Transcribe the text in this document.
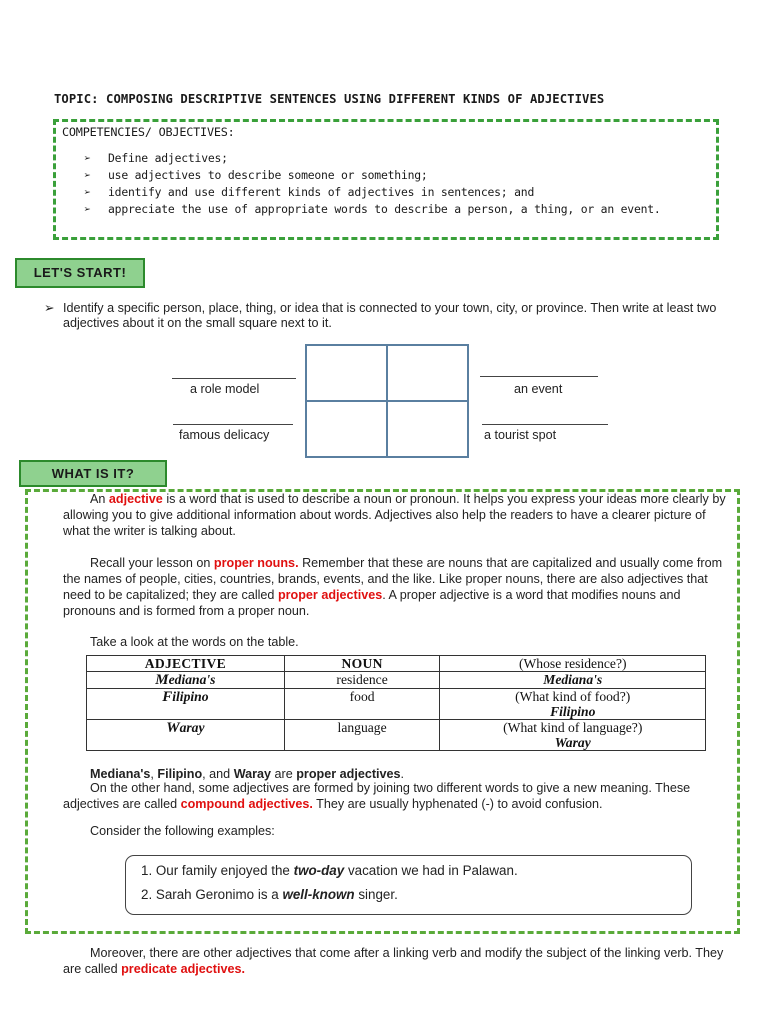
TOPIC: COMPOSING DESCRIPTIVE SENTENCES USING DIFFERENT KINDS OF ADJECTIVES
COMPETENCIES/ OBJECTIVES:
➢ Define adjectives;
➢ use adjectives to describe someone or something;
➢ identify and use different kinds of adjectives in sentences; and
➢ appreciate the use of appropriate words to describe a person, a thing, or an event.
LET'S START!
➢ Identify a specific person, place, thing, or idea that is connected to your town, city, or province. Then write at least two adjectives about it on the small square next to it.
a role model	an event
famous delicacy	a tourist spot
WHAT IS IT?
An adjective is a word that is used to describe a noun or pronoun. It helps you express your ideas more clearly by allowing you to give additional information about words. Adjectives also help the readers to have a clearer picture of what the writer is talking about.
Recall your lesson on proper nouns. Remember that these are nouns that are capitalized and usually come from the names of people, cities, countries, brands, events, and the like. Like proper nouns, there are also adjectives that need to be capitalized; they are called proper adjectives. A proper adjective is a word that modifies nouns and pronouns and is formed from a proper noun.
Take a look at the words on the table.
ADJECTIVE	NOUN	(Whose residence?)
Mediana's	residence	Mediana's
Filipino	food	(What kind of food?)
Filipino

Waray	language	(What kind of language?)
Waray
Mediana's, Filipino, and Waray are proper adjectives.
On the other hand, some adjectives are formed by joining two different words to give a new meaning. These adjectives are called compound adjectives. They are usually hyphenated (-) to avoid confusion.
Consider the following examples:
1. Our family enjoyed the two-day vacation we had in Palawan.
2. Sarah Geronimo is a well-known singer.
Moreover, there are other adjectives that come after a linking verb and modify the subject of the linking verb. They are called predicate adjectives.
